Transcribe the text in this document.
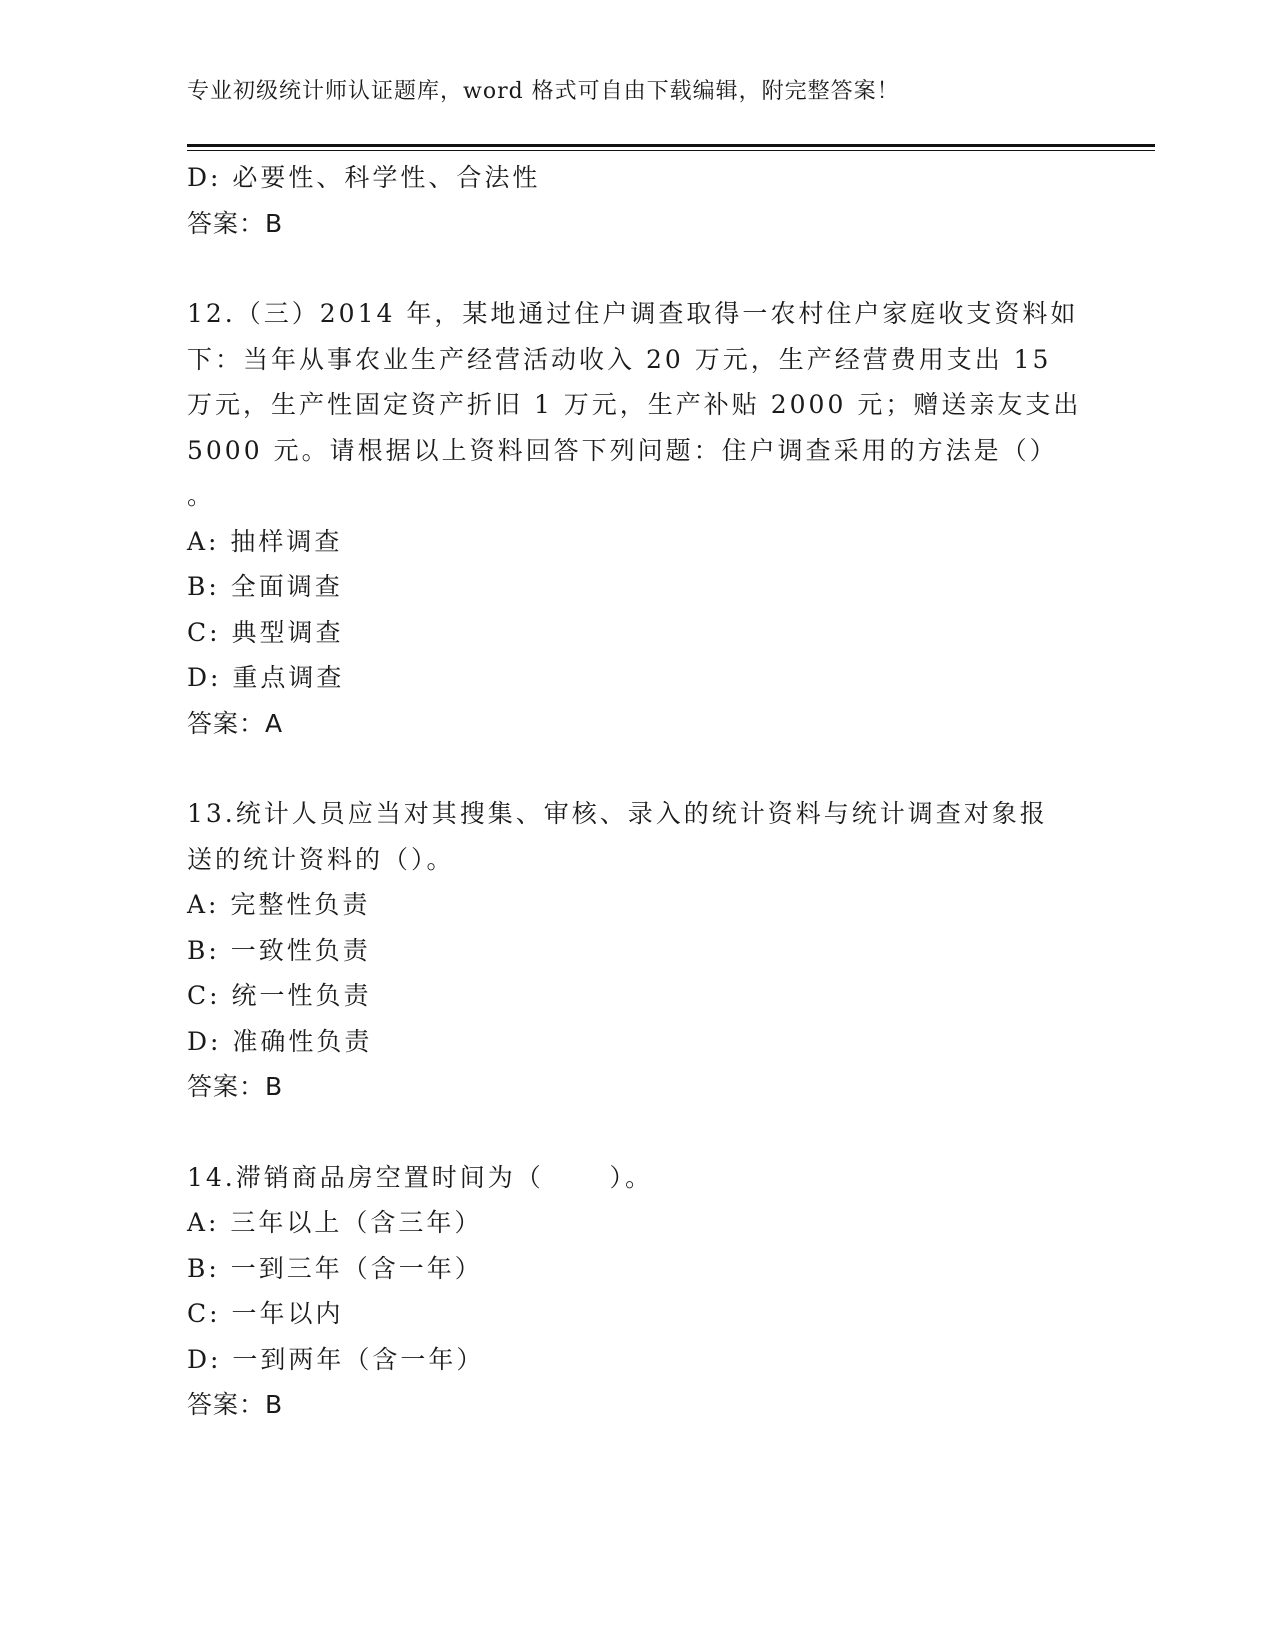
专业初级统计师认证题库，word 格式可自由下载编辑，附完整答案！
D: 必要性、科学性、合法性
答案：B
12.（三）2014 年，某地通过住户调查取得一农村住户家庭收支资料如
下：当年从事农业生产经营活动收入 20 万元，生产经营费用支出 15
万元，生产性固定资产折旧 1 万元，生产补贴 2000 元；赠送亲友支出
5000 元。请根据以上资料回答下列问题：住户调查采用的方法是（）
。
A: 抽样调查
B: 全面调查
C: 典型调查
D: 重点调查
答案：A
13.统计人员应当对其搜集、审核、录入的统计资料与统计调查对象报
送的统计资料的（）。
A: 完整性负责
B: 一致性负责
C: 统一性负责
D: 准确性负责
答案：B
14.滞销商品房空置时间为（      ）。
A: 三年以上（含三年）
B: 一到三年（含一年）
C: 一年以内
D: 一到两年（含一年）
答案：B
